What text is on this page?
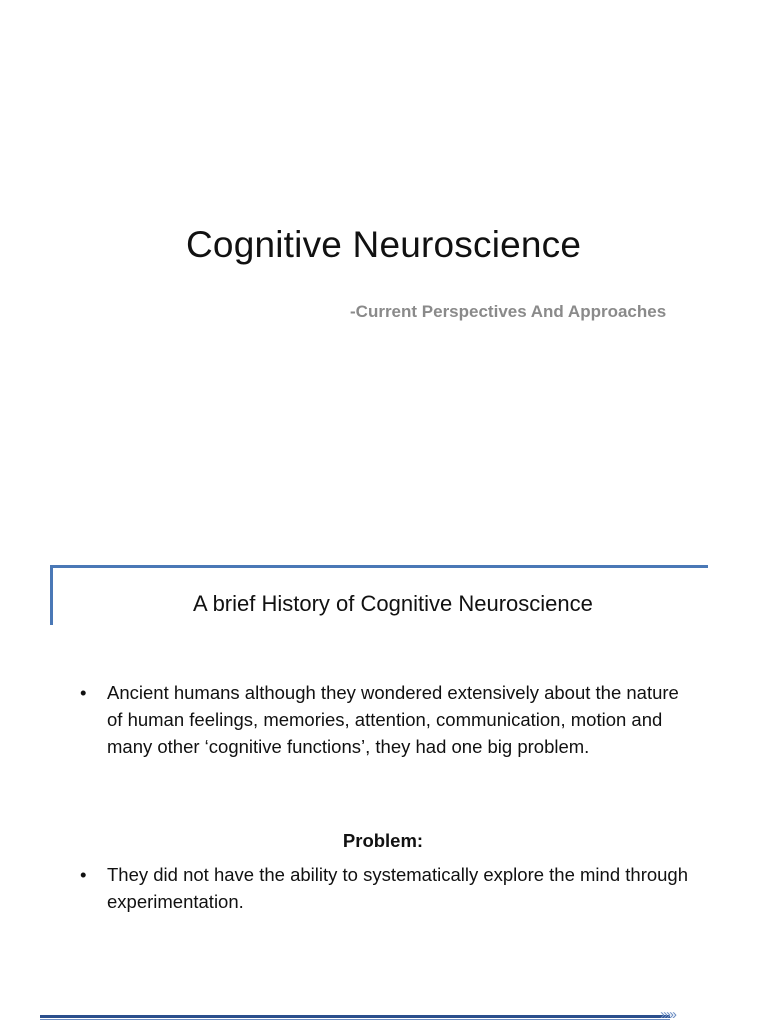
Cognitive Neuroscience
-Current Perspectives And Approaches
A brief History of Cognitive Neuroscience
• Ancient humans although they wondered extensively about the nature of human feelings, memories, attention, communication, motion and many other ‘cognitive functions’, they had one big problem.
Problem:
• They did not have the ability to systematically explore the mind through experimentation.
›››››
